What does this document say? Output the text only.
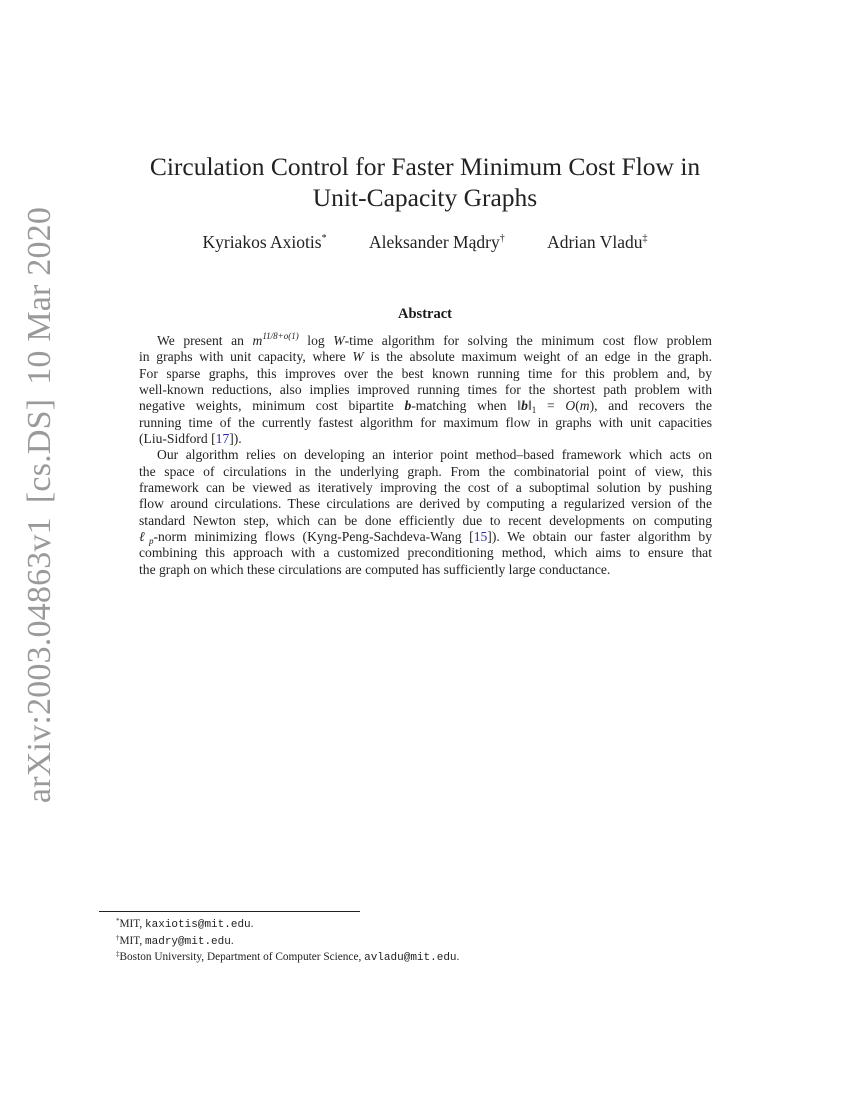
arXiv:2003.04863v1[cs.DS]10 Mar 2020
Circulation Control for Faster Minimum Cost Flow in
Unit-Capacity Graphs
Kyriakos Axiotis* Aleksander Mądry† Adrian Vladu‡
Abstract
We present an $m^{11/8+o(1)}$ log W-time algorithm for solving the minimum cost flow problem
in graphs with unit capacity, where W is the absolute maximum weight of an edge in the graph.
For sparse graphs, this improves over the best known running time for this problem and, by
well-known reductions, also implies improved running times for the shortest path problem with
negative weights, minimum cost bipartite b-matching when $‖b‖_1 = O(m)$, and recovers the
running time of the currently fastest algorithm for maximum flow in graphs with unit capacities
(Liu-Sidford [17]).
Our algorithm relies on developing an interior point method–based framework which acts on
the space of circulations in the underlying graph. From the combinatorial point of view, this
framework can be viewed as iteratively improving the cost of a suboptimal solution by pushing
flow around circulations. These circulations are derived by computing a regularized version of the
standard Newton step, which can be done efficiently due to recent developments on computing
ℓ$_p$-norm minimizing flows (Kyng-Peng-Sachdeva-Wang [15]). We obtain our faster algorithm by
combining this approach with a customized preconditioning method, which aims to ensure that
the graph on which these circulations are computed has sufficiently large conductance.
*MIT, kaxiotis@mit.edu.
†MIT, madry@mit.edu.
‡Boston University, Department of Computer Science, avladu@mit.edu.
